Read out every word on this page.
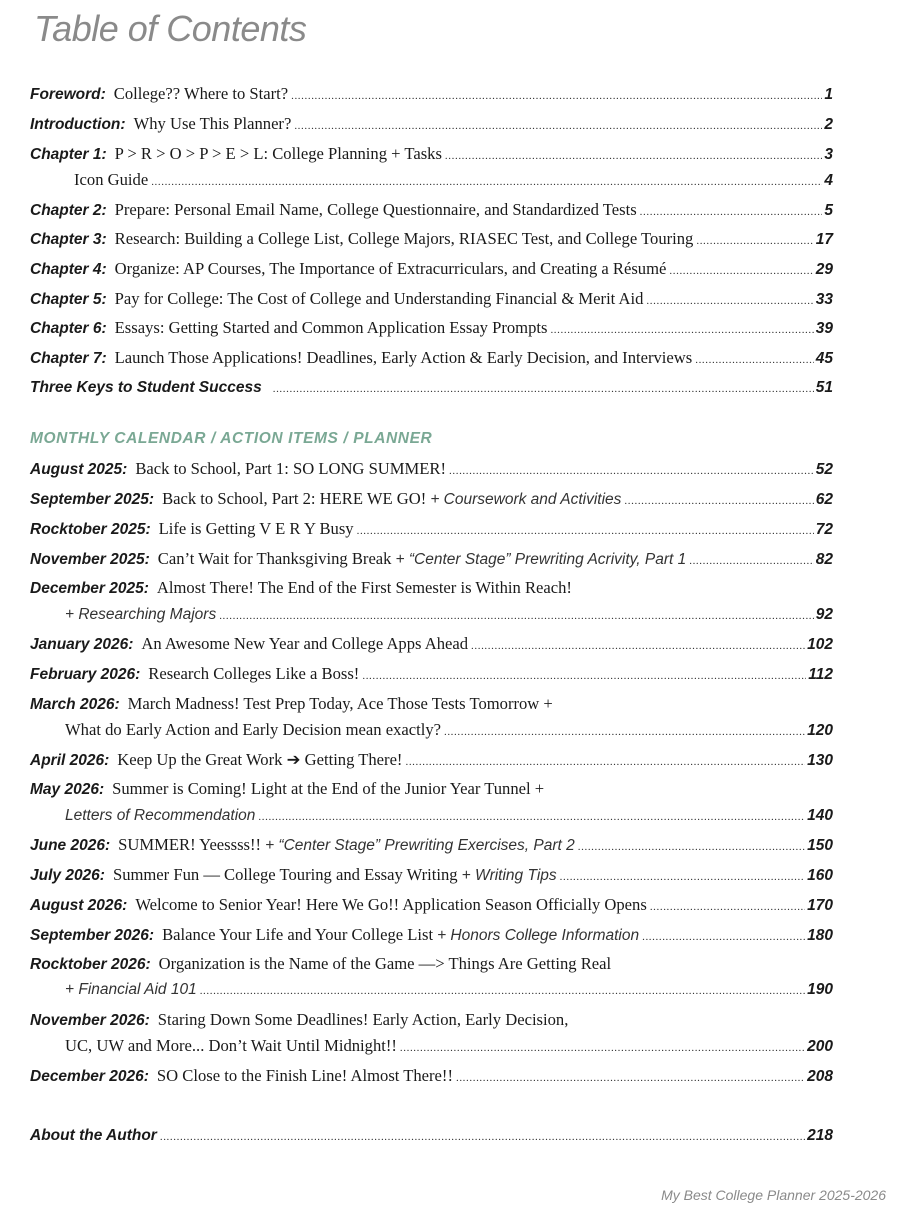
Table of Contents
Foreword: College?? Where to Start? .....	1
Introduction: Why Use This Planner? .....	2
Chapter 1: P > R > O > P > E > L: College Planning + Tasks .....	3
Icon Guide .....	4
Chapter 2: Prepare: Personal Email Name, College Questionnaire, and Standardized Tests .....	5
Chapter 3: Research: Building a College List, College Majors, RIASEC Test, and College Touring .....	17
Chapter 4: Organize: AP Courses, The Importance of Extracurriculars, and Creating a Résumé .....	29
Chapter 5: Pay for College: The Cost of College and Understanding Financial & Merit Aid .....	33
Chapter 6: Essays: Getting Started and Common Application Essay Prompts .....	39
Chapter 7: Launch Those Applications! Deadlines, Early Action & Early Decision, and Interviews .....	45
Three Keys to Student Success .....	51
MONTHLY CALENDAR / ACTION ITEMS / PLANNER
August 2025: Back to School, Part 1: SO LONG SUMMER! .....	52
September 2025: Back to School, Part 2: HERE WE GO! + Coursework and Activities .....	62
Rocktober 2025: Life is Getting V E R Y Busy .....	72
November 2025: Can’t Wait for Thanksgiving Break + “Center Stage” Prewriting Acrivity, Part 1 .....	82
December 2025: Almost There! The End of the First Semester is Within Reach!
+ Researching Majors .....	92
January 2026: An Awesome New Year and College Apps Ahead .....	102
February 2026: Research Colleges Like a Boss! .....	112
March 2026: March Madness! Test Prep Today, Ace Those Tests Tomorrow +
What do Early Action and Early Decision mean exactly? .....	120
April 2026: Keep Up the Great Work ➔ Getting There! .....	130
May 2026: Summer is Coming! Light at the End of the Junior Year Tunnel +
Letters of Recommendation .....	140
June 2026: SUMMER! Yeessss!! + “Center Stage” Prewriting Exercises, Part 2 .....	150
July 2026: Summer Fun — College Touring and Essay Writing + Writing Tips .....	160
August 2026: Welcome to Senior Year! Here We Go!! Application Season Officially Opens .....	170
September 2026: Balance Your Life and Your College List + Honors College Information .....	180
Rocktober 2026: Organization is the Name of the Game —> Things Are Getting Real
+ Financial Aid 101 .....	190
November 2026: Staring Down Some Deadlines! Early Action, Early Decision,
UC, UW and More... Don’t Wait Until Midnight!! .....	200
December 2026: SO Close to the Finish Line! Almost There!! .....	208
About the Author .....	218
My Best College Planner 2025-2026
